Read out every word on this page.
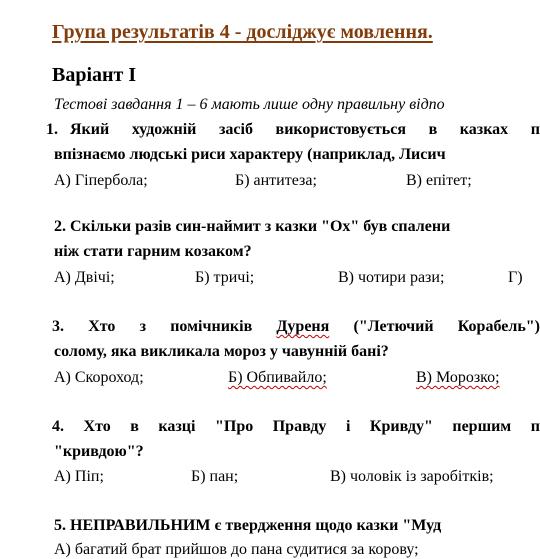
Група результатів 4 - досліджує мовлення.
Варіант І
Тестові завдання 1 – 6 мають лише одну правильну відпо
1. Який художній засіб використовується в казках п
впізнаємо людські риси характеру (наприклад, Лисич
А) Гіпербола;	Б) антитеза;	В) епітет;
2. Скільки разів син-наймит з казки "Ох" був спалени
ніж стати гарним козаком?
А) Двічі;	Б) тричі;	В) чотири рази;	Г)
3. Хто з помічників Дуреня ("Летючий Корабель")
солому, яка викликала мороз у чавунній бані?
А) Скороход;	Б) Обпивайло;	В) Морозко;
4. Хто в казці "Про Правду і Кривду" першим п
"кривдою"?
А) Піп;	Б) пан;	В) чоловік із заробітків;
5. НЕПРАВИЛЬНИМ є твердження щодо казки "Муд
А) багатий брат прийшов до пана судитися за корову;
